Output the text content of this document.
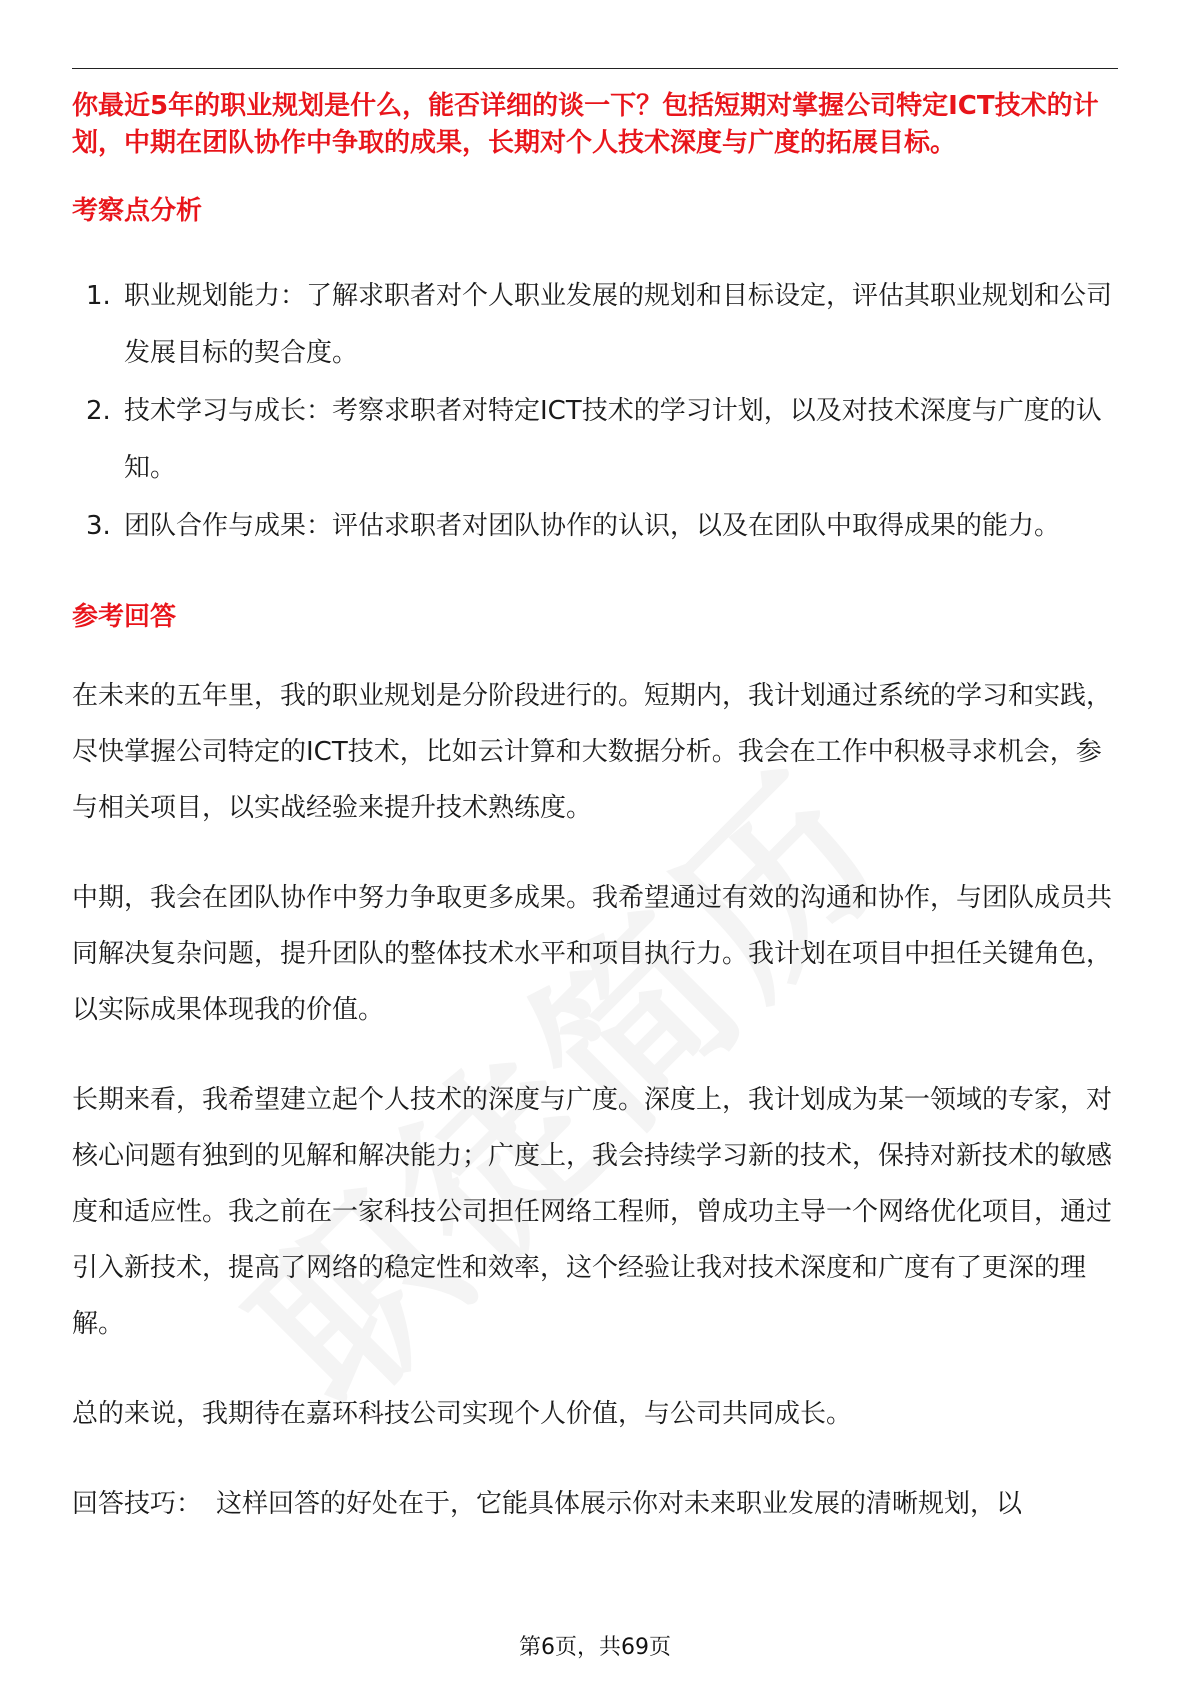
你最近5年的职业规划是什么，能否详细的谈一下？包括短期对掌握公司特定ICT技术的计划，中期在团队协作中争取的成果，长期对个人技术深度与广度的拓展目标。

考察点分析
1. 职业规划能力：了解求职者对个人职业发展的规划和目标设定，评估其职业规划和公司发展目标的契合度。
2. 技术学习与成长：考察求职者对特定ICT技术的学习计划，以及对技术深度与广度的认知。
3. 团队合作与成果：评估求职者对团队协作的认识，以及在团队中取得成果的能力。
参考回答

在未来的五年里，我的职业规划是分阶段进行的。短期内，我计划通过系统的学习和实践，尽快掌握公司特定的ICT技术，比如云计算和大数据分析。我会在工作中积极寻求机会，参与相关项目，以实战经验来提升技术熟练度。

中期，我会在团队协作中努力争取更多成果。我希望通过有效的沟通和协作，与团队成员共同解决复杂问题，提升团队的整体技术水平和项目执行力。我计划在项目中担任关键角色，以实际成果体现我的价值。

长期来看，我希望建立起个人技术的深度与广度。深度上，我计划成为某一领域的专家，对核心问题有独到的见解和解决能力；广度上，我会持续学习新的技术，保持对新技术的敏感度和适应性。我之前在一家科技公司担任网络工程师，曾成功主导一个网络优化项目，通过引入新技术，提高了网络的稳定性和效率，这个经验让我对技术深度和广度有了更深的理解。

总的来说，我期待在嘉环科技公司实现个人价值，与公司共同成长。

回答技巧： 这样回答的好处在于，它能具体展示你对未来职业发展的清晰规划，以

第6页，共69页
